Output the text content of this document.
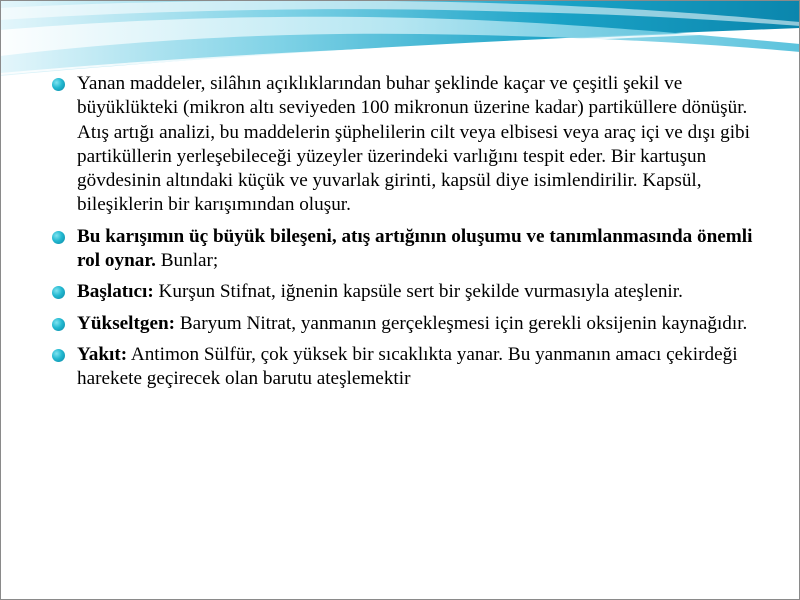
Yanan maddeler, silâhın açıklıklarından buhar şeklinde kaçar ve çeşitli şekil ve büyüklükteki (mikron altı seviyeden 100 mikronun üzerine kadar) partiküllere dönüşür. Atış artığı analizi, bu maddelerin şüphelilerin cilt veya elbisesi veya araç içi ve dışı gibi partiküllerin yerleşebileceği yüzeyler üzerindeki varlığını tespit eder. Bir kartuşun gövdesinin altındaki küçük ve yuvarlak girinti, kapsül diye isimlendirilir. Kapsül, bileşiklerin bir karışımından oluşur.
Bu karışımın üç büyük bileşeni, atış artığının oluşumu ve tanımlanmasında önemli rol oynar. Bunlar;
Başlatıcı: Kurşun Stifnat, iğnenin kapsüle sert bir şekilde vurmasıyla ateşlenir.
Yükseltgen: Baryum Nitrat, yanmanın gerçekleşmesi için gerekli oksijenin kaynağıdır.
Yakıt: Antimon Sülfür, çok yüksek bir sıcaklıkta yanar. Bu yanmanın amacı çekirdeği harekete geçirecek olan barutu ateşlemektir
